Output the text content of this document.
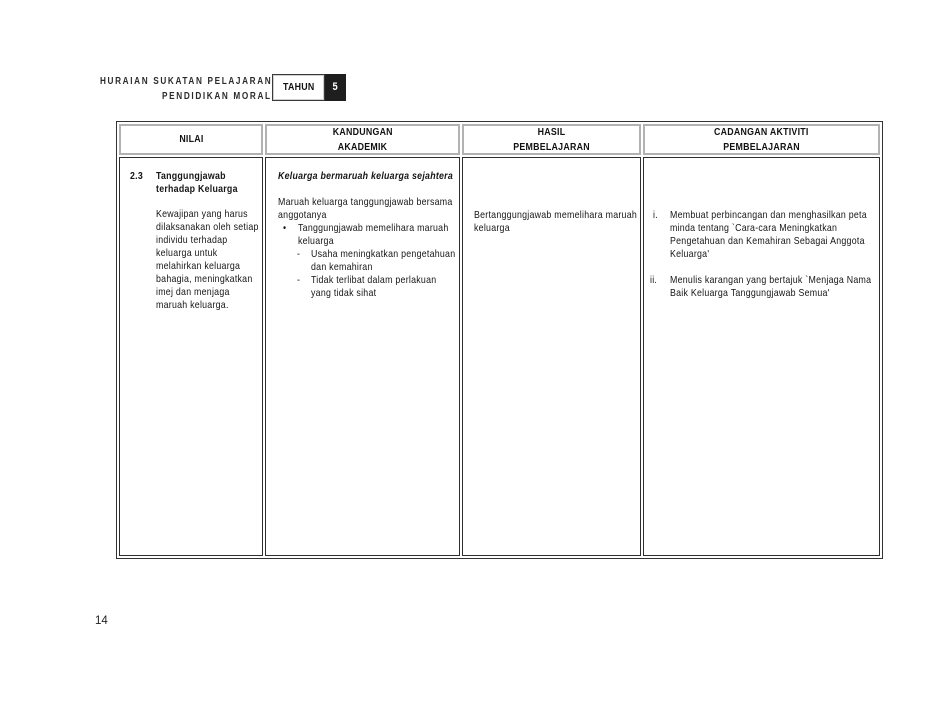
HURAIAN SUKATAN PELAJARAN
PENDIDIKAN MORAL
TAHUN	5
NILAI
KANDUNGAN
AKADEMIK
HASIL
PEMBELAJARAN
CADANGAN AKTIVITI
PEMBELAJARAN
2.3 Tanggungjawab
terhadap Keluarga
Kewajipan yang harus
dilaksanakan oleh setiap
individu terhadap
keluarga untuk
melahirkan keluarga
bahagia, meningkatkan
imej dan menjaga
maruah keluarga.
Keluarga bermaruah keluarga sejahtera
Maruah keluarga tanggungjawab bersama
anggotanya
• Tanggungjawab memelihara maruah
keluarga
- Usaha meningkatkan pengetahuan
dan kemahiran
- Tidak terlibat dalam perlakuan
yang tidak sihat
Bertanggungjawab memelihara maruah
keluarga
i. Membuat perbincangan dan menghasilkan peta
minda tentang `Cara-cara Meningkatkan
Pengetahuan dan Kemahiran Sebagai Anggota
Keluarga'
ii. Menulis karangan yang bertajuk `Menjaga Nama
Baik Keluarga Tanggungjawab Semua'
14
